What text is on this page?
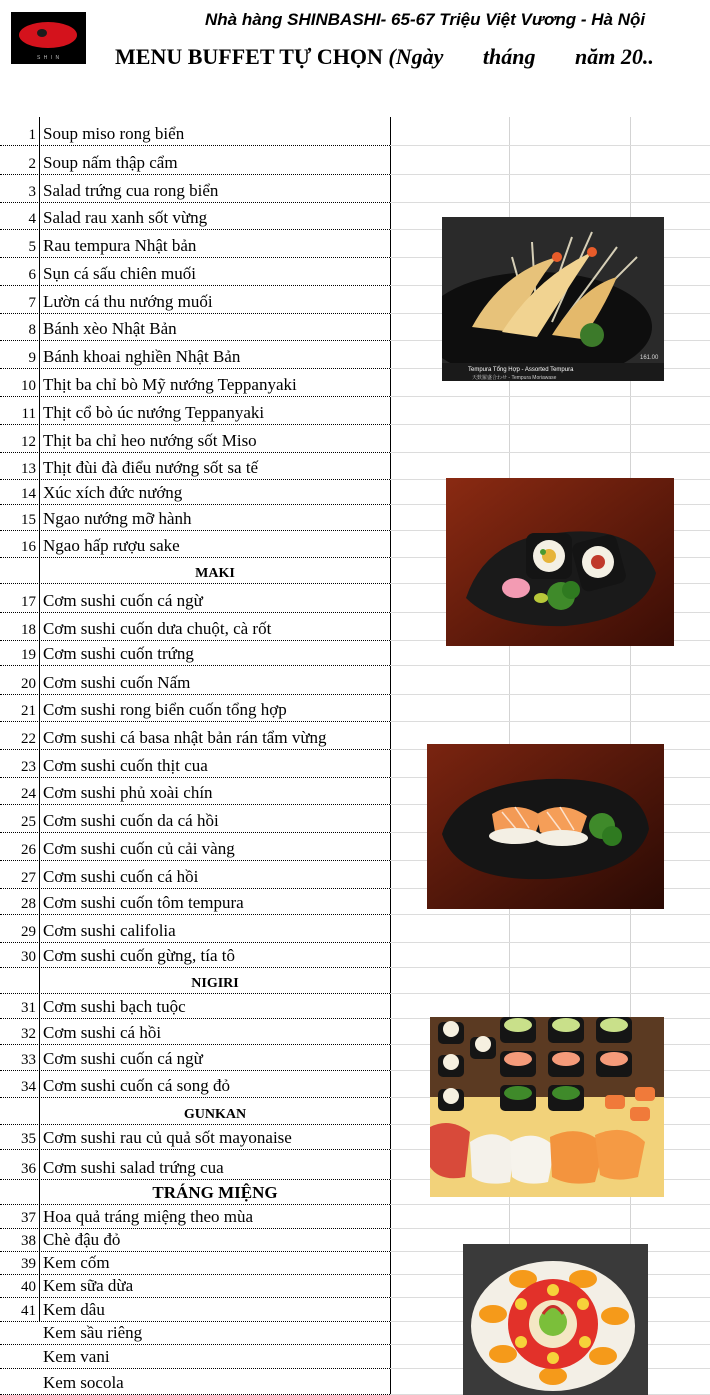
S H I N
Nhà hàng SHINBASHI- 65-67 Triệu Việt Vương - Hà Nội
MENU BUFFET TỰ CHỌN (Ngày tháng năm 20..
1 Soup miso rong biển
2 Soup nấm thập cẩm
3 Salad trứng cua rong biển
4 Salad rau xanh sốt vừng
5 Rau tempura Nhật bản
6 Sụn cá sấu chiên muối
7 Lườn cá thu nướng muối
8 Bánh xèo Nhật Bản
9 Bánh khoai nghiền Nhật Bản
10 Thịt ba chỉ bò Mỹ nướng Teppanyaki
11 Thịt cổ bò úc nướng Teppanyaki
12 Thịt ba chỉ heo nướng sốt Miso
13 Thịt đùi đà điểu nướng sốt sa tế
14 Xúc xích đức nướng
15 Ngao nướng mỡ hành
16 Ngao hấp rượu sake
MAKI
17 Cơm sushi cuốn cá ngừ
18 Cơm sushi cuốn dưa chuột, cà rốt
19 Cơm sushi cuốn trứng
20 Cơm sushi cuốn Nấm
21 Cơm sushi rong biển cuốn tổng hợp
22 Cơm sushi cá basa nhật bản rán tẩm vừng
23 Cơm sushi cuốn thịt cua
24 Cơm sushi phủ xoài chín
25 Cơm sushi cuốn da cá hồi
26 Cơm sushi cuốn củ cải vàng
27 Cơm sushi cuốn cá hồi
28 Cơm sushi cuốn tôm tempura
29 Cơm sushi califolia
30 Cơm sushi cuốn gừng, tía tô
NIGIRI
31 Cơm sushi bạch tuộc
32 Cơm sushi cá hồi
33 Cơm sushi cuốn cá ngừ
34 Cơm sushi cuốn cá song đỏ
GUNKAN
35 Cơm sushi rau củ quả sốt mayonaise
36 Cơm sushi salad trứng cua
TRÁNG MIỆNG
37 Hoa quả tráng miệng theo mùa
38 Chè đậu đỏ
39 Kem cốm
40 Kem sữa dừa
41 Kem dâu
Kem sầu riêng
Kem vani
Kem socola
Tempura Tổng Hợp - Assorted Tempura
天麩羅盛合わせ - Tempura Moriawase
161.00
